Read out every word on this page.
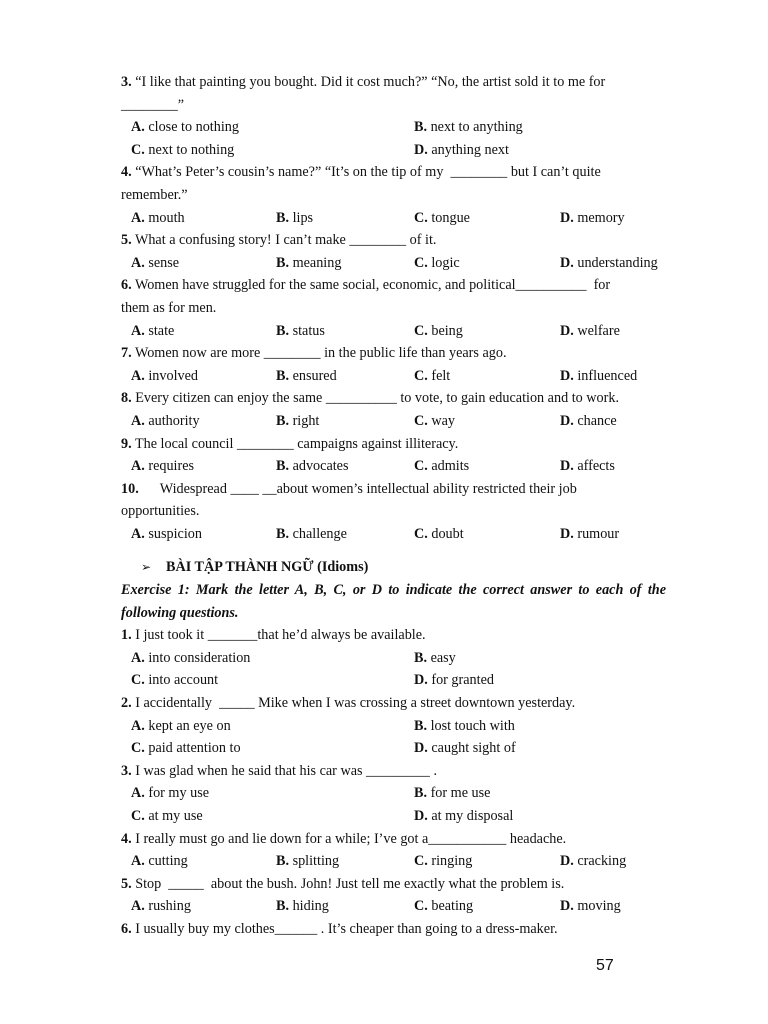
3. “I like that painting you bought. Did it cost much?” “No, the artist sold it to me for
________”
A. close to nothing	B. next to anything
C. next to nothing	D. anything next
4. “What’s Peter’s cousin’s name?” “It’s on the tip of my  ________ but I can’t quite
remember.”
A. mouth	B. lips	C. tongue	D. memory
5. What a confusing story! I can’t make ________ of it.
A. sense	B. meaning	C. logic	D. understanding
6. Women have struggled for the same social, economic, and political__________  for
them as for men.
A. state	B. status	C. being	D. welfare
7. Women now are more ________ in the public life than years ago.
A. involved	B. ensured	C. felt	D. influenced
8. Every citizen can enjoy the same __________ to vote, to gain education and to work.
A. authority	B. right	C. way	D. chance
9. The local council ________ campaigns against illiteracy.
A. requires	B. advocates	C. admits	D. affects
10.      Widespread ____ __about women’s intellectual ability restricted their job
opportunities.
A. suspicion	B. challenge	C. doubt	D. rumour
➢ BÀI TẬP THÀNH NGỮ (Idioms)
Exercise 1: Mark the letter A, B, C, or D to indicate the correct answer to each of the following questions.
1. I just took it _______that he’d always be available.
A. into consideration	B. easy
C. into account	D. for granted
2. I accidentally  _____ Mike when I was crossing a street downtown yesterday.
A. kept an eye on	B. lost touch with
C. paid attention to	D. caught sight of
3. I was glad when he said that his car was _________ .
A. for my use	B. for me use
C. at my use	D. at my disposal
4. I really must go and lie down for a while; I’ve got a___________ headache.
A. cutting	B. splitting	C. ringing	D. cracking
5. Stop  _____  about the bush. John! Just tell me exactly what the problem is.
A. rushing	B. hiding	C. beating	D. moving
6. I usually buy my clothes______ . It’s cheaper than going to a dress-maker.
57
